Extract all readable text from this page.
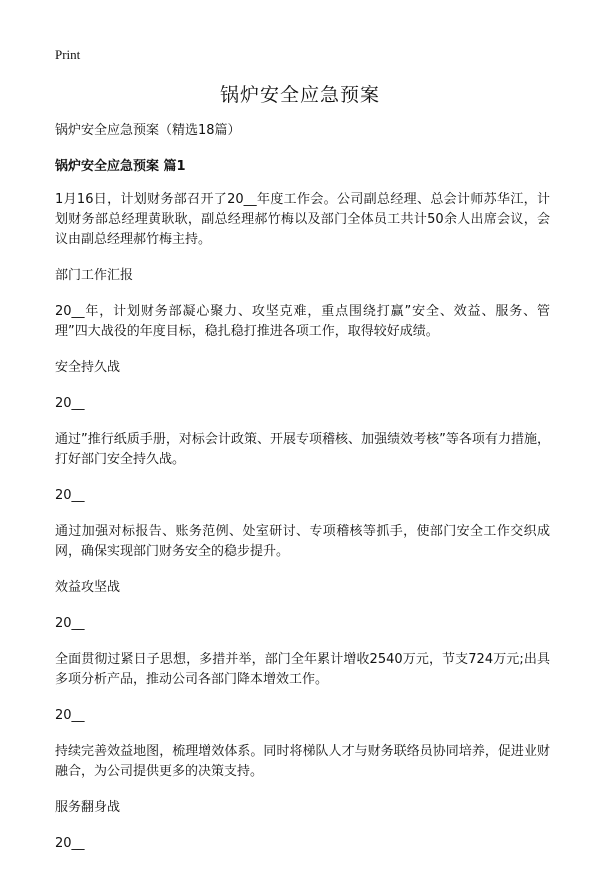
Print
锅炉安全应急预案

锅炉安全应急预案（精选18篇）

锅炉安全应急预案 篇1

1月16日，计划财务部召开了20__年度工作会。公司副总经理、总会计师苏华江，计划财务部总经理黄耿耿，副总经理郝竹梅以及部门全体员工共计50余人出席会议，会议由副总经理郝竹梅主持。

部门工作汇报

20__年，计划财务部凝心聚力、攻坚克难，重点围绕打赢”安全、效益、服务、管理”四大战役的年度目标，稳扎稳打推进各项工作，取得较好成绩。

安全持久战

20__

通过”推行纸质手册，对标会计政策、开展专项稽核、加强绩效考核”等各项有力措施，打好部门安全持久战。

20__

通过加强对标报告、账务范例、处室研讨、专项稽核等抓手，使部门安全工作交织成网，确保实现部门财务安全的稳步提升。

效益攻坚战

20__

全面贯彻过紧日子思想，多措并举，部门全年累计增收2540万元，节支724万元;出具多项分析产品，推动公司各部门降本增效工作。

20__

持续完善效益地图，梳理增效体系。同时将梯队人才与财务联络员协同培养，促进业财融合，为公司提供更多的决策支持。

服务翻身战

20__
